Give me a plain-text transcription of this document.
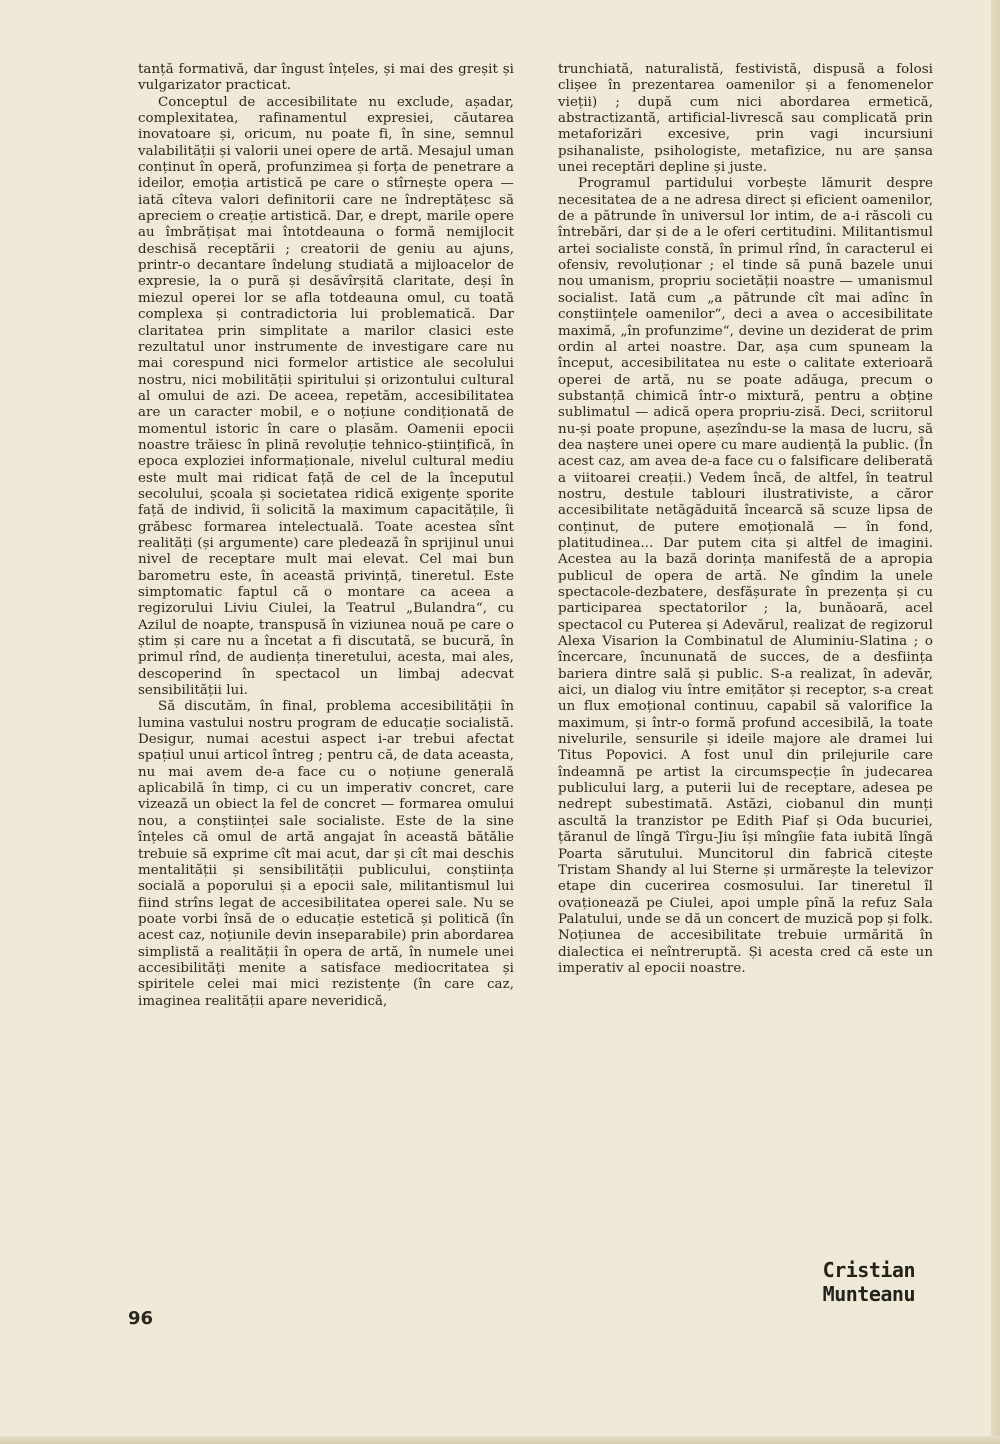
tanță formativă, dar îngust înțeles, și mai des greșit și vulgarizator practicat.

Conceptul de accesibilitate nu exclude, așadar, complexitatea, rafinamentul expresiei, căutarea inovatoare și, oricum, nu poate fi, în sine, semnul valabilității și valorii unei opere de artă. Mesajul uman conținut în operă, profunzimea și forța de penetrare a ideilor, emoția artistică pe care o stîrnește opera — iată cîteva valori definitorii care ne îndreptățesc să apreciem o creație artistică. Dar, e drept, marile opere au îmbrățișat mai întotdeauna o formă nemijlocit deschisă receptării ; creatorii de geniu au ajuns, printr-o decantare îndelung studiată a mijloacelor de expresie, la o pură și desăvîrșită claritate, deși în miezul operei lor se afla totdeauna omul, cu toată complexa și contradictoria lui problematică. Dar claritatea prin simplitate a marilor clasici este rezultatul unor instrumente de investigare care nu mai corespund nici formelor artistice ale secolului nostru, nici mobilității spiritului și orizontului cultural al omului de azi. De aceea, repetăm, accesibilitatea are un caracter mobil, e o noțiune condiționată de momentul istoric în care o plasăm. Oamenii epocii noastre trăiesc în plină revoluție tehnico-științifică, în epoca exploziei informaționale, nivelul cultural mediu este mult mai ridicat față de cel de la începutul secolului, școala și societatea ridică exigențe sporite față de individ, îi solicită la maximum capacitățile, îi grăbesc formarea intelectuală. Toate acestea sînt realități (și argumente) care pledează în sprijinul unui nivel de receptare mult mai elevat. Cel mai bun barometru este, în această privință, tineretul. Este simptomatic faptul că o montare ca aceea a regizorului Liviu Ciulei, la Teatrul „Bulandra“, cu Azilul de noapte, transpusă în viziunea nouă pe care o știm și care nu a încetat a fi discutată, se bucură, în primul rînd, de audiența tineretului, acesta, mai ales, descoperind în spectacol un limbaj adecvat sensibilității lui.

Să discutăm, în final, problema accesibilității în lumina vastului nostru program de educație socialistă. Desigur, numai acestui aspect i-ar trebui afectat spațiul unui articol întreg ; pentru că, de data aceasta, nu mai avem de-a face cu o noțiune generală aplicabilă în timp, ci cu un imperativ concret, care vizează un obiect la fel de concret — formarea omului nou, a conștiinței sale socialiste. Este de la sine înțeles că omul de artă angajat în această bătălie trebuie să exprime cît mai acut, dar și cît mai deschis mentalității și sensibilității publicului, conștiința socială a poporului și a epocii sale, militantismul lui fiind strîns legat de accesibilitatea operei sale. Nu se poate vorbi însă de o educație estetică și politică (în acest caz, noțiunile devin inseparabile) prin abordarea simplistă a realității în opera de artă, în numele unei accesibilități menite a satisface mediocritatea și spiritele celei mai mici rezistențe (în care caz, imaginea realității apare neveridică,

trunchiată, naturalistă, festivistă, dispusă a folosi clișee în prezentarea oamenilor și a fenomenelor vieții) ; după cum nici abordarea ermetică, abstractizantă, artificial-livrescă sau complicată prin metaforizări excesive, prin vagi incursiuni psihanaliste, psihologiste, metafizice, nu are șansa unei receptări depline și juste.

Programul partidului vorbește lămurit despre necesitatea de a ne adresa direct și eficient oamenilor, de a pătrunde în universul lor intim, de a-i răscoli cu întrebări, dar și de a le oferi certitudini. Militantismul artei socialiste constă, în primul rînd, în caracterul ei ofensiv, revoluționar ; el tinde să pună bazele unui nou umanism, propriu societății noastre — umanismul socialist. Iată cum „a pătrunde cît mai adînc în conștiințele oamenilor“, deci a avea o accesibilitate maximă, „în profunzime“, devine un deziderat de prim ordin al artei noastre. Dar, așa cum spuneam la început, accesibilitatea nu este o calitate exterioară operei de artă, nu se poate adăuga, precum o substanță chimică într-o mixtură, pentru a obține sublimatul — adică opera propriu-zisă. Deci, scriitorul nu-și poate propune, așezîndu-se la masa de lucru, să dea naștere unei opere cu mare audiență la public. (În acest caz, am avea de-a face cu o falsificare deliberată a viitoarei creații.) Vedem încă, de altfel, în teatrul nostru, destule tablouri ilustrativiste, a căror accesibilitate netăgăduită încearcă să scuze lipsa de conținut, de putere emoțională — în fond, platitudinea... Dar putem cita și altfel de imagini. Acestea au la bază dorința manifestă de a apropia publicul de opera de artă. Ne gîndim la unele spectacole-dezbatere, desfășurate în prezența și cu participarea spectatorilor ; la, bunăoară, acel spectacol cu Puterea și Adevărul, realizat de regizorul Alexa Visarion la Combinatul de Aluminiu-Slatina ; o încercare, încununată de succes, de a desființa bariera dintre sală și public. S-a realizat, în adevăr, aici, un dialog viu între emițător și receptor, s-a creat un flux emoțional continuu, capabil să valorifice la maximum, și într-o formă profund accesibilă, la toate nivelurile, sensurile și ideile majore ale dramei lui Titus Popovici. A fost unul din prilejurile care îndeamnă pe artist la circumspecție în judecarea publicului larg, a puterii lui de receptare, adesea pe nedrept subestimată. Astăzi, ciobanul din munți ascultă la tranzistor pe Edith Piaf și Oda bucuriei, țăranul de lîngă Tîrgu-Jiu își mîngîie fata iubită lîngă Poarta sărutului. Muncitorul din fabrică citește Tristam Shandy al lui Sterne și urmărește la televizor etape din cucerirea cosmosului. Iar tineretul îl ovaționează pe Ciulei, apoi umple pînă la refuz Sala Palatului, unde se dă un concert de muzică pop și folk. Noțiunea de accesibilitate trebuie urmărită în dialectica ei neîntreruptă. Și acesta cred că este un imperativ al epocii noastre.

Cristian Munteanu
96
